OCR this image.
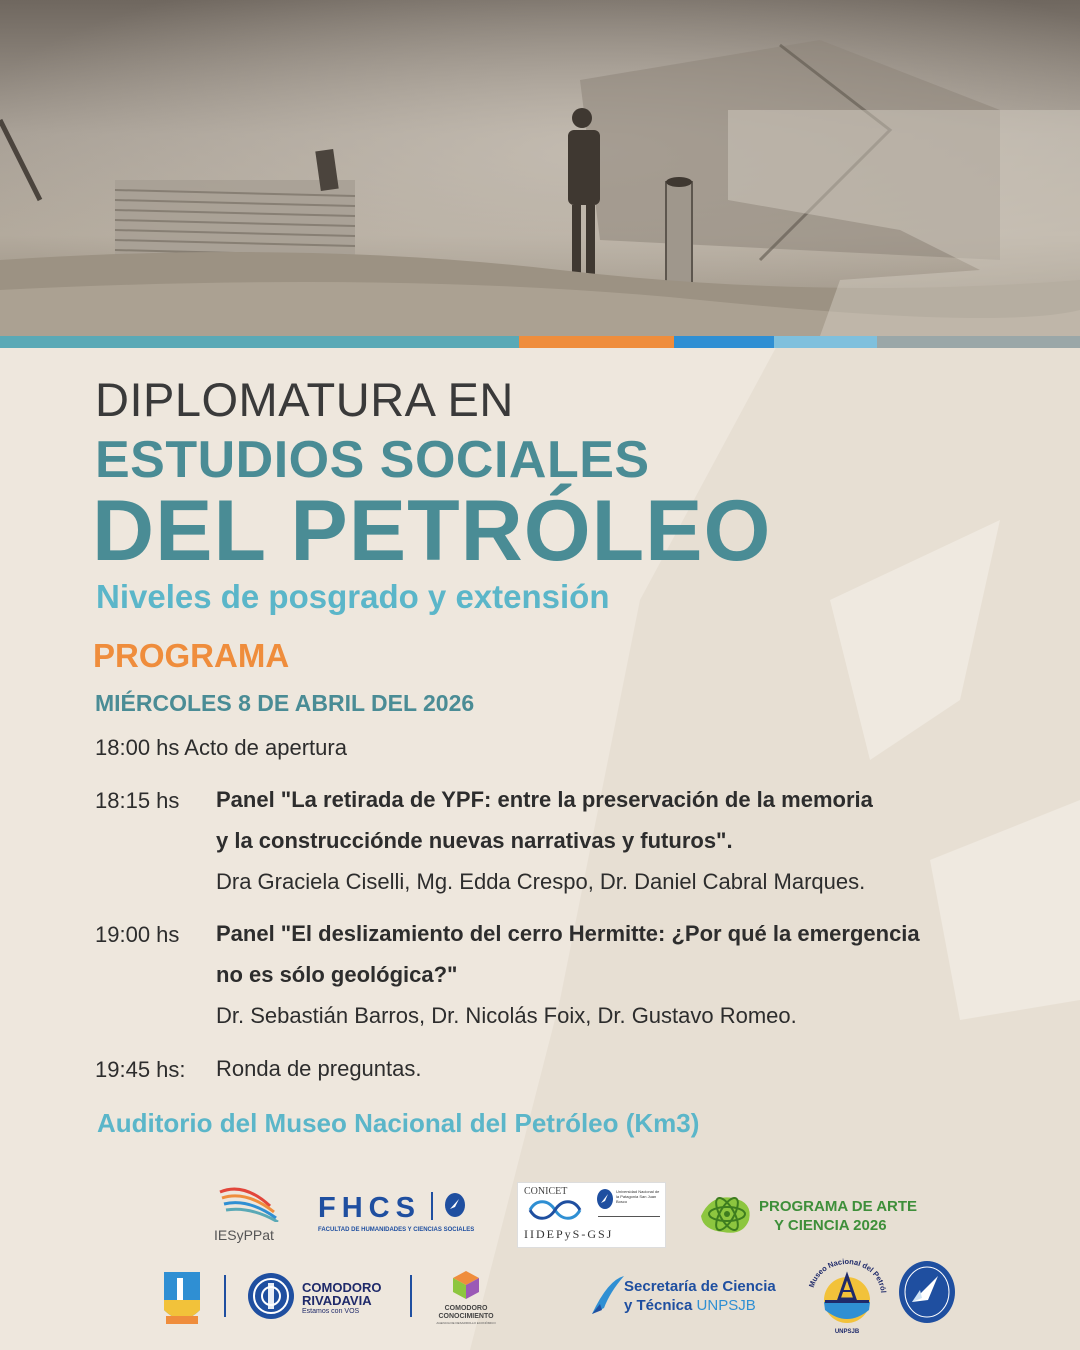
DIPLOMATURA EN
ESTUDIOS SOCIALES
DEL PETRÓLEO
Niveles de posgrado y extensión
PROGRAMA
MIÉRCOLES 8 DE ABRIL DEL 2026
18:00 hs Acto de apertura
18:15 hs Panel "La retirada de YPF: entre la preservación de la memoria
y la construcciónde nuevas narrativas y futuros".
Dra Graciela Ciselli, Mg. Edda Crespo, Dr. Daniel Cabral Marques.
19:00 hs Panel "El deslizamiento del cerro Hermitte: ¿Por qué la emergencia
no es sólo geológica?"
Dr. Sebastián Barros, Dr. Nicolás Foix, Dr. Gustavo Romeo.
19:45 hs: Ronda de preguntas.
Auditorio del Museo Nacional del Petróleo (Km3)
IESyPPat
FHCS
FACULTAD DE HUMANIDADES Y CIENCIAS SOCIALES
CONICET	Universidad Nacional de la Patagonia San Juan Bosco
IIDEPyS-GSJ
PROGRAMA DE ARTE
Y CIENCIA 2026
COMODORO
RIVADAVIA
Estamos con VOS	COMODORO
CONOCIMIENTO
AGENCIA DE DESARROLLO ECONÓMICO
Secretaría de Ciencia
y Técnica UNPSJB
Museo Nacional del Petról
UNPSJB
